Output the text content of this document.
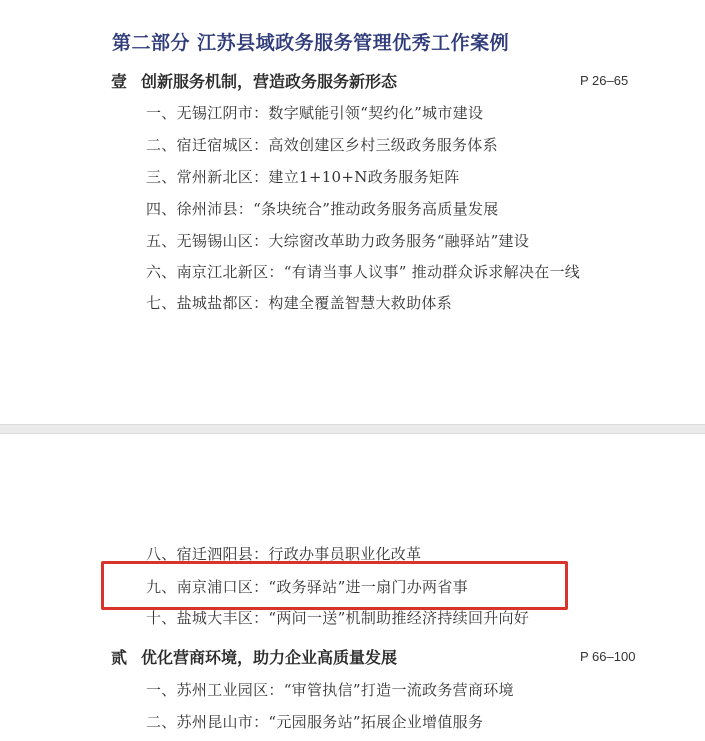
第二部分 江苏县域政务服务管理优秀工作案例
壹 创新服务机制，营造政务服务新形态	P 26–65
一、无锡江阴市：数字赋能引领“契约化”城市建设
二、宿迁宿城区：高效创建区乡村三级政务服务体系
三、常州新北区：建立1+10+N政务服务矩阵
四、徐州沛县：“条块统合”推动政务服务高质量发展
五、无锡锡山区：大综窗改革助力政务服务“融驿站”建设
六、南京江北新区：“有请当事人议事” 推动群众诉求解决在一线
七、盐城盐都区：构建全覆盖智慧大救助体系
八、宿迁泗阳县：行政办事员职业化改革
九、南京浦口区：“政务驿站”进一扇门办两省事
十、盐城大丰区：“两问一送”机制助推经济持续回升向好
贰 优化营商环境，助力企业高质量发展	P 66–100
一、苏州工业园区：“审管执信”打造一流政务营商环境
二、苏州昆山市：“元园服务站”拓展企业增值服务
